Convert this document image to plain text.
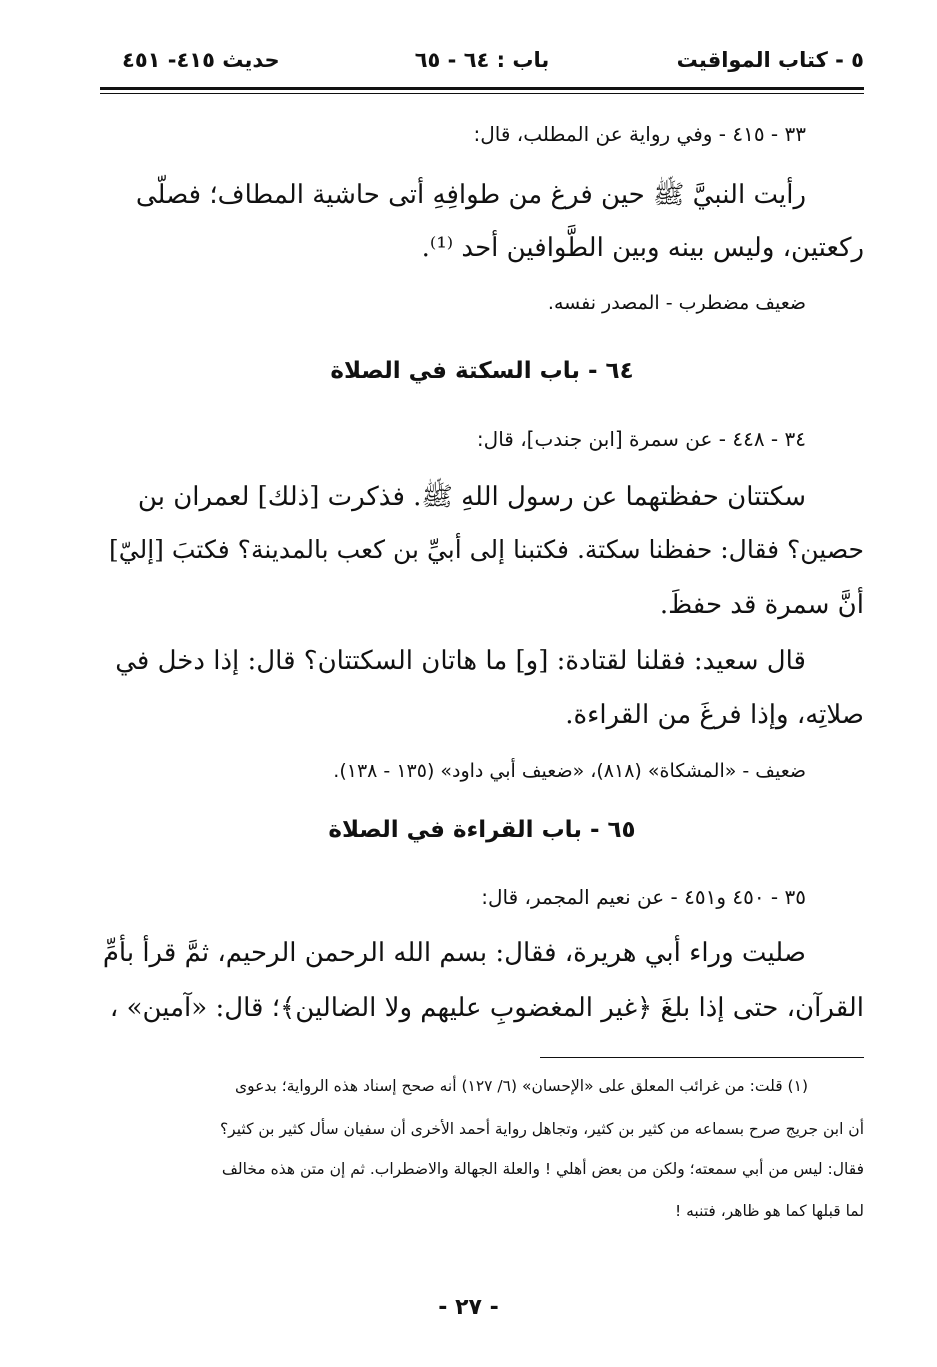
٥ - كتاب المواقيت
باب : ٦٤ - ٦٥
حديث ٤١٥- ٤٥١
٣٣ - ٤١٥ - وفي رواية عن المطلب، قال:
رأيت النبيَّ ﷺ حين فرغ من طوافِهِ أتى حاشية المطاف؛ فصلّى
ركعتين، وليس بينه وبين الطَّوافين أحد ⁽¹⁾.
ضعيف مضطرب - المصدر نفسه.
٦٤ - باب السكتة في الصلاة
٣٤ - ٤٤٨ - عن سمرة [ابن جندب]، قال:
سكتتان حفظتهما عن رسول اللهِ ﷺ. فذكرت [ذلك] لعمران بن
حصين؟ فقال: حفظنا سكتة. فكتبنا إلى أبيِّ بن كعب بالمدينة؟ فكتبَ [إليّ]
أنَّ سمرة قد حفظَ.
قال سعيد: فقلنا لقتادة: [و] ما هاتان السكتتان؟ قال: إذا دخل في
صلاتِه، وإذا فرغَ من القراءة.
ضعيف - «المشكاة» (٨١٨)، «ضعيف أبي داود» (١٣٥ - ١٣٨).
٦٥ - باب القراءة في الصلاة
٣٥ - ٤٥٠ و٤٥١ - عن نعيم المجمر، قال:
صليت وراء أبي هريرة، فقال: بسم الله الرحمن الرحيم، ثمَّ قرأ بأمِّ
القرآن، حتى إذا بلغَ ﴿غير المغضوبِ عليهم ولا الضالين﴾؛ قال: «آمين» ،
(١) قلت: من غرائب المعلق على «الإحسان» (٦/ ١٢٧) أنه صحح إسناد هذه الرواية؛ بدعوى
أن ابن جريج صرح بسماعه من كثير بن كثير، وتجاهل رواية أحمد الأخرى أن سفيان سأل كثير بن كثير؟
فقال: ليس من أبي سمعته؛ ولكن من بعض أهلي ! والعلة الجهالة والاضطراب. ثم إن متن هذه مخالف
لما قبلها كما هو ظاهر، فتنبه !
- ٢٧ -
